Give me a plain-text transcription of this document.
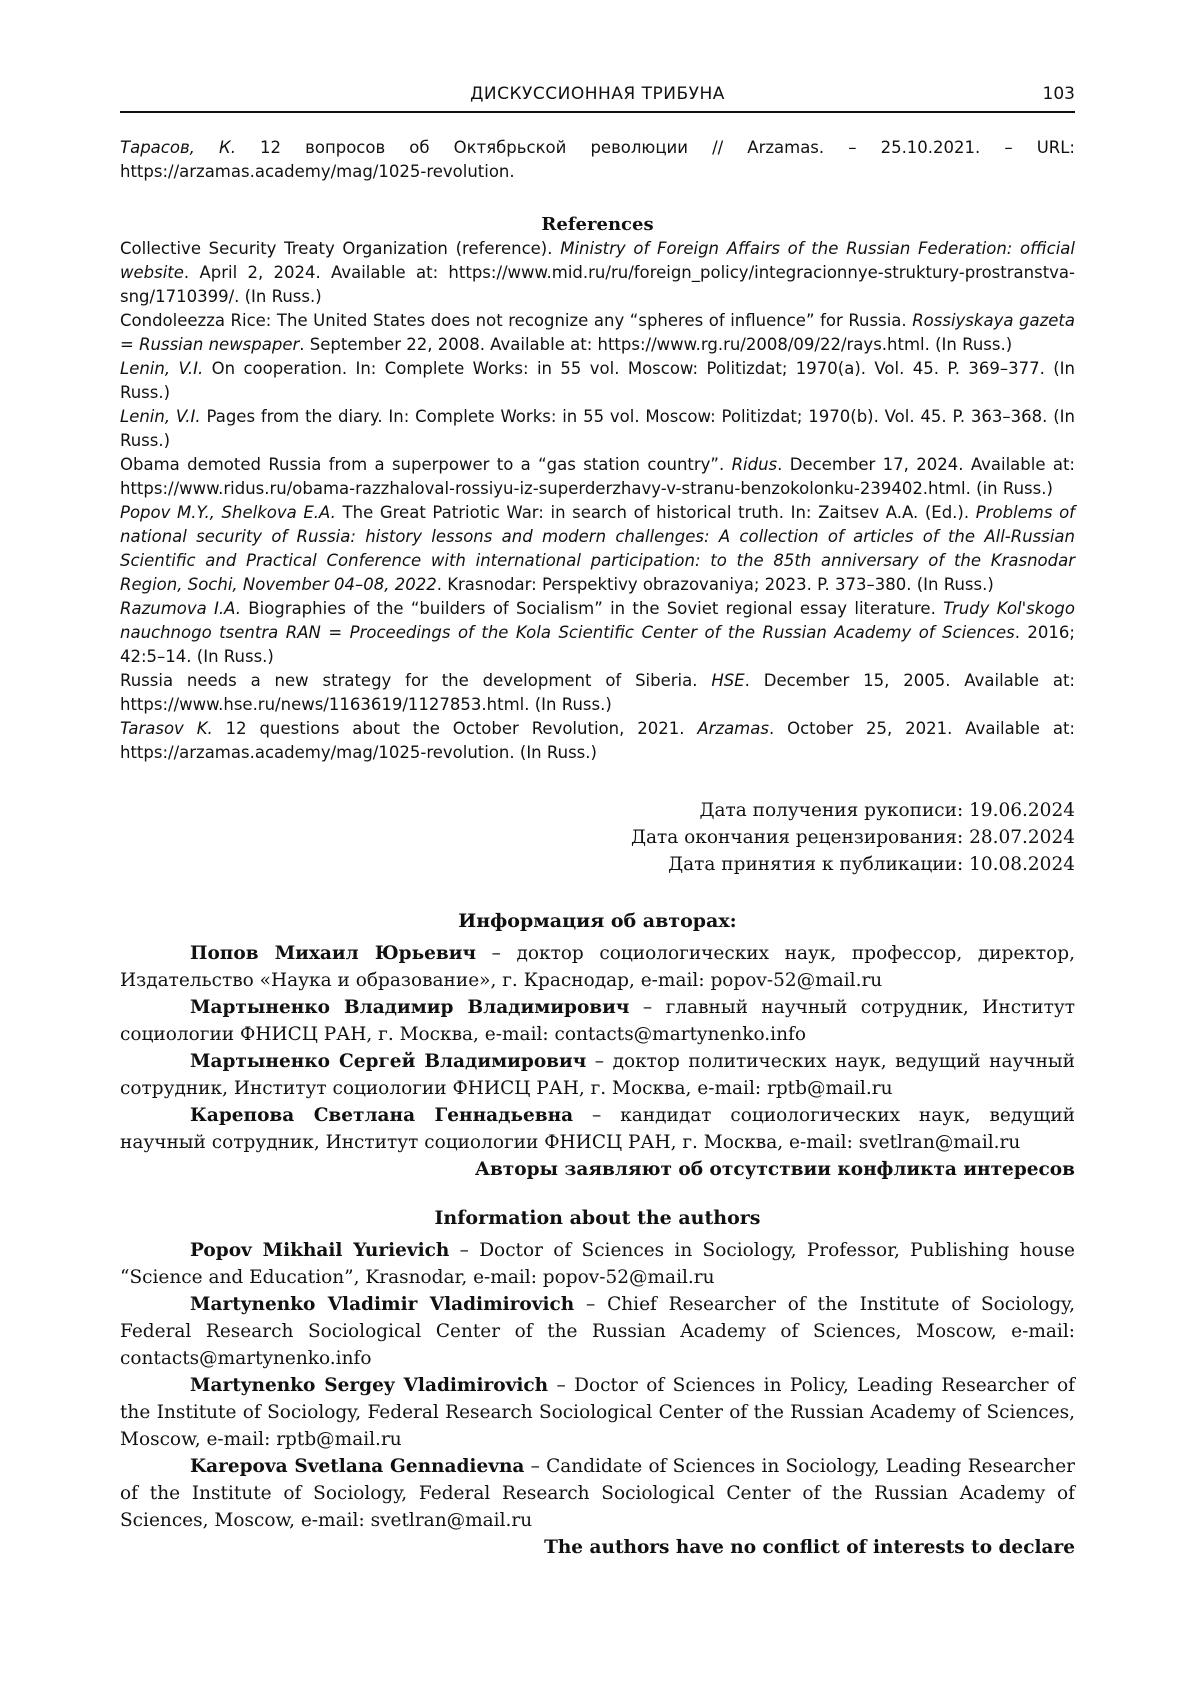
ДИСКУССИОННАЯ ТРИБУНА	103

Тарасов, К. 12 вопросов об Октябрьской революции // Arzamas. – 25.10.2021. – URL: https://arzamas.academy/mag/1025-revolution.

References

Collective Security Treaty Organization (reference). Ministry of Foreign Affairs of the Russian Federation: official website. April 2, 2024. Available at: https://www.mid.ru/ru/foreign_policy/integracionnye-struktury-prostranstva-sng/1710399/. (In Russ.)

Condoleezza Rice: The United States does not recognize any “spheres of influence” for Russia. Rossiyskaya gazeta = Russian newspaper. September 22, 2008. Available at: https://www.rg.ru/2008/09/22/rays.html. (In Russ.)

Lenin, V.I. On cooperation. In: Complete Works: in 55 vol. Moscow: Politizdat; 1970(a). Vol. 45. P. 369–377. (In Russ.)

Lenin, V.I. Pages from the diary. In: Complete Works: in 55 vol. Moscow: Politizdat; 1970(b). Vol. 45. P. 363–368. (In Russ.)

Obama demoted Russia from a superpower to a “gas station country”. Ridus. December 17, 2024. Available at: https://www.ridus.ru/obama-razzhaloval-rossiyu-iz-superderzhavy-v-stranu-benzokolonku-239402.html. (in Russ.)

Popov M.Y., Shelkova E.A. The Great Patriotic War: in search of historical truth. In: Zaitsev A.A. (Ed.). Problems of national security of Russia: history lessons and modern challenges: A collection of articles of the All-Russian Scientific and Practical Conference with international participation: to the 85th anniversary of the Krasnodar Region, Sochi, November 04–08, 2022. Krasnodar: Perspektivy obrazovaniya; 2023. P. 373–380. (In Russ.)

Razumova I.A. Biographies of the “builders of Socialism” in the Soviet regional essay literature. Trudy Kol'skogo nauchnogo tsentra RAN = Proceedings of the Kola Scientific Center of the Russian Academy of Sciences. 2016; 42:5–14. (In Russ.)

Russia needs a new strategy for the development of Siberia. HSE. December 15, 2005. Available at: https://www.hse.ru/news/1163619/1127853.html. (In Russ.)

Tarasov K. 12 questions about the October Revolution, 2021. Arzamas. October 25, 2021. Available at: https://arzamas.academy/mag/1025-revolution. (In Russ.)

Дата получения рукописи: 19.06.2024
Дата окончания рецензирования: 28.07.2024
Дата принятия к публикации: 10.08.2024
Информация об авторах:

Попов Михаил Юрьевич – доктор социологических наук, профессор, директор, Издательство «Наука и образование», г. Краснодар, e-mail: popov-52@mail.ru

Мартыненко Владимир Владимирович – главный научный сотрудник, Институт социологии ФНИСЦ РАН, г. Москва, e-mail: contacts@martynenko.info

Мартыненко Сергей Владимирович – доктор политических наук, ведущий научный сотрудник, Институт социологии ФНИСЦ РАН, г. Москва, e-mail: rptb@mail.ru

Карепова Светлана Геннадьевна – кандидат социологических наук, ведущий научный сотрудник, Институт социологии ФНИСЦ РАН, г. Москва, e-mail: svetlran@mail.ru

Авторы заявляют об отсутствии конфликта интересов

Information about the authors

Popov Mikhail Yurievich – Doctor of Sciences in Sociology, Professor, Publishing house “Science and Education”, Krasnodar, e-mail: popov-52@mail.ru

Martynenko Vladimir Vladimirovich – Chief Researcher of the Institute of Sociology, Federal Research Sociological Center of the Russian Academy of Sciences, Moscow, e-mail: contacts@martynenko.info

Martynenko Sergey Vladimirovich – Doctor of Sciences in Policy, Leading Researcher of the Institute of Sociology, Federal Research Sociological Center of the Russian Academy of Sciences, Moscow, e-mail: rptb@mail.ru

Karepova Svetlana Gennadievna – Candidate of Sciences in Sociology, Leading Researcher of the Institute of Sociology, Federal Research Sociological Center of the Russian Academy of Sciences, Moscow, e-mail: svetlran@mail.ru

The authors have no conflict of interests to declare
